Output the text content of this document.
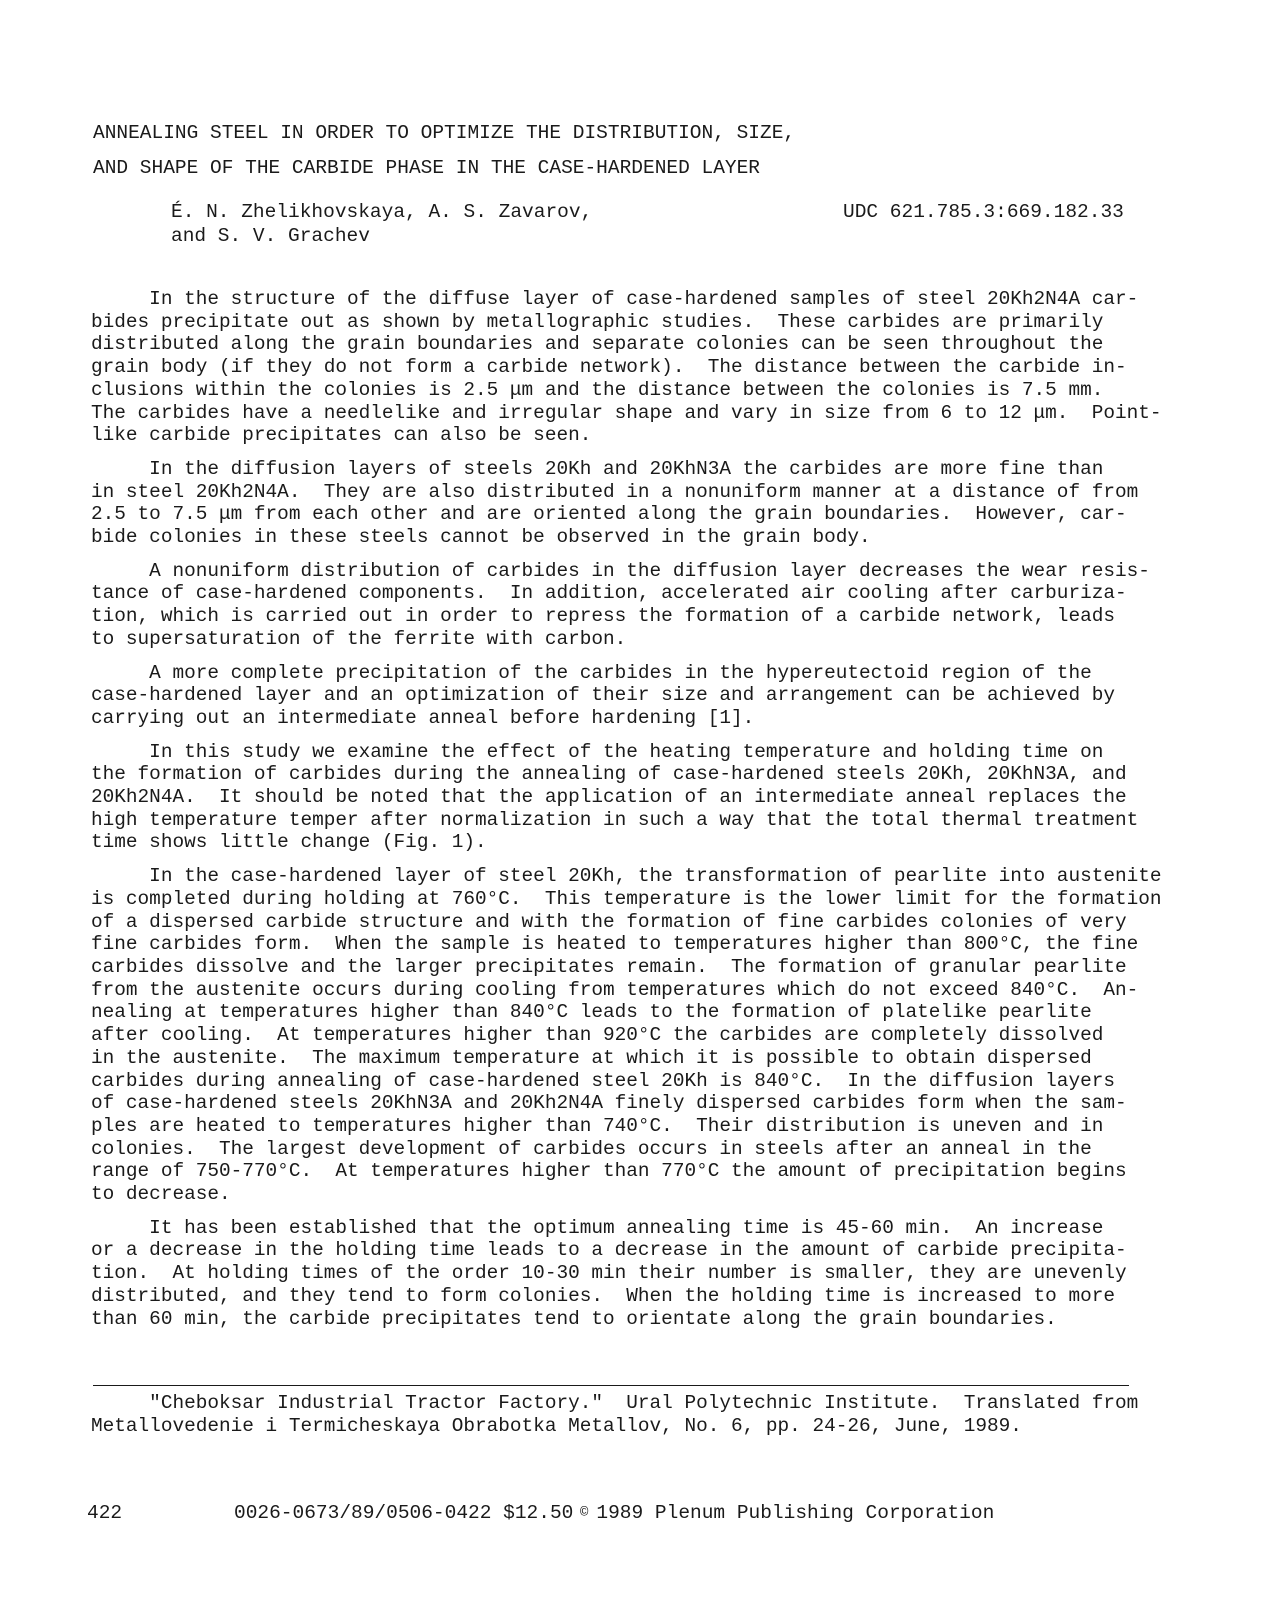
ANNEALING STEEL IN ORDER TO OPTIMIZE THE DISTRIBUTION, SIZE,
AND SHAPE OF THE CARBIDE PHASE IN THE CASE-HARDENED LAYER
É. N. Zhelikhovskaya, A. S. Zavarov,
and S. V. Grachev
UDC 621.785.3:669.182.33

In the structure of the diffuse layer of case-hardened samples of steel 20Kh2N4A car-
bides precipitate out as shown by metallographic studies.  These carbides are primarily
distributed along the grain boundaries and separate colonies can be seen throughout the
grain body (if they do not form a carbide network).  The distance between the carbide in-
clusions within the colonies is 2.5 μm and the distance between the colonies is 7.5 mm.
The carbides have a needlelike and irregular shape and vary in size from 6 to 12 μm.  Point-
like carbide precipitates can also be seen.

In the diffusion layers of steels 20Kh and 20KhN3A the carbides are more fine than
in steel 20Kh2N4A.  They are also distributed in a nonuniform manner at a distance of from
2.5 to 7.5 μm from each other and are oriented along the grain boundaries.  However, car-
bide colonies in these steels cannot be observed in the grain body.

A nonuniform distribution of carbides in the diffusion layer decreases the wear resis-
tance of case-hardened components.  In addition, accelerated air cooling after carburiza-
tion, which is carried out in order to repress the formation of a carbide network, leads
to supersaturation of the ferrite with carbon.

A more complete precipitation of the carbides in the hypereutectoid region of the
case-hardened layer and an optimization of their size and arrangement can be achieved by
carrying out an intermediate anneal before hardening [1].

In this study we examine the effect of the heating temperature and holding time on
the formation of carbides during the annealing of case-hardened steels 20Kh, 20KhN3A, and
20Kh2N4A.  It should be noted that the application of an intermediate anneal replaces the
high temperature temper after normalization in such a way that the total thermal treatment
time shows little change (Fig. 1).

In the case-hardened layer of steel 20Kh, the transformation of pearlite into austenite
is completed during holding at 760°C.  This temperature is the lower limit for the formation
of a dispersed carbide structure and with the formation of fine carbides colonies of very
fine carbides form.  When the sample is heated to temperatures higher than 800°C, the fine
carbides dissolve and the larger precipitates remain.  The formation of granular pearlite
from the austenite occurs during cooling from temperatures which do not exceed 840°C.  An-
nealing at temperatures higher than 840°C leads to the formation of platelike pearlite
after cooling.  At temperatures higher than 920°C the carbides are completely dissolved
in the austenite.  The maximum temperature at which it is possible to obtain dispersed
carbides during annealing of case-hardened steel 20Kh is 840°C.  In the diffusion layers
of case-hardened steels 20KhN3A and 20Kh2N4A finely dispersed carbides form when the sam-
ples are heated to temperatures higher than 740°C.  Their distribution is uneven and in
colonies.  The largest development of carbides occurs in steels after an anneal in the
range of 750-770°C.  At temperatures higher than 770°C the amount of precipitation begins
to decrease.

It has been established that the optimum annealing time is 45-60 min.  An increase
or a decrease in the holding time leads to a decrease in the amount of carbide precipita-
tion.  At holding times of the order 10-30 min their number is smaller, they are unevenly
distributed, and they tend to form colonies.  When the holding time is increased to more
than 60 min, the carbide precipitates tend to orientate along the grain boundaries.

"Cheboksar Industrial Tractor Factory."  Ural Polytechnic Institute.  Translated from
Metallovedenie i Termicheskaya Obrabotka Metallov, No. 6, pp. 24-26, June, 1989.
422	0026-0673/89/0506-0422 $12.50 © 1989 Plenum Publishing Corporation
